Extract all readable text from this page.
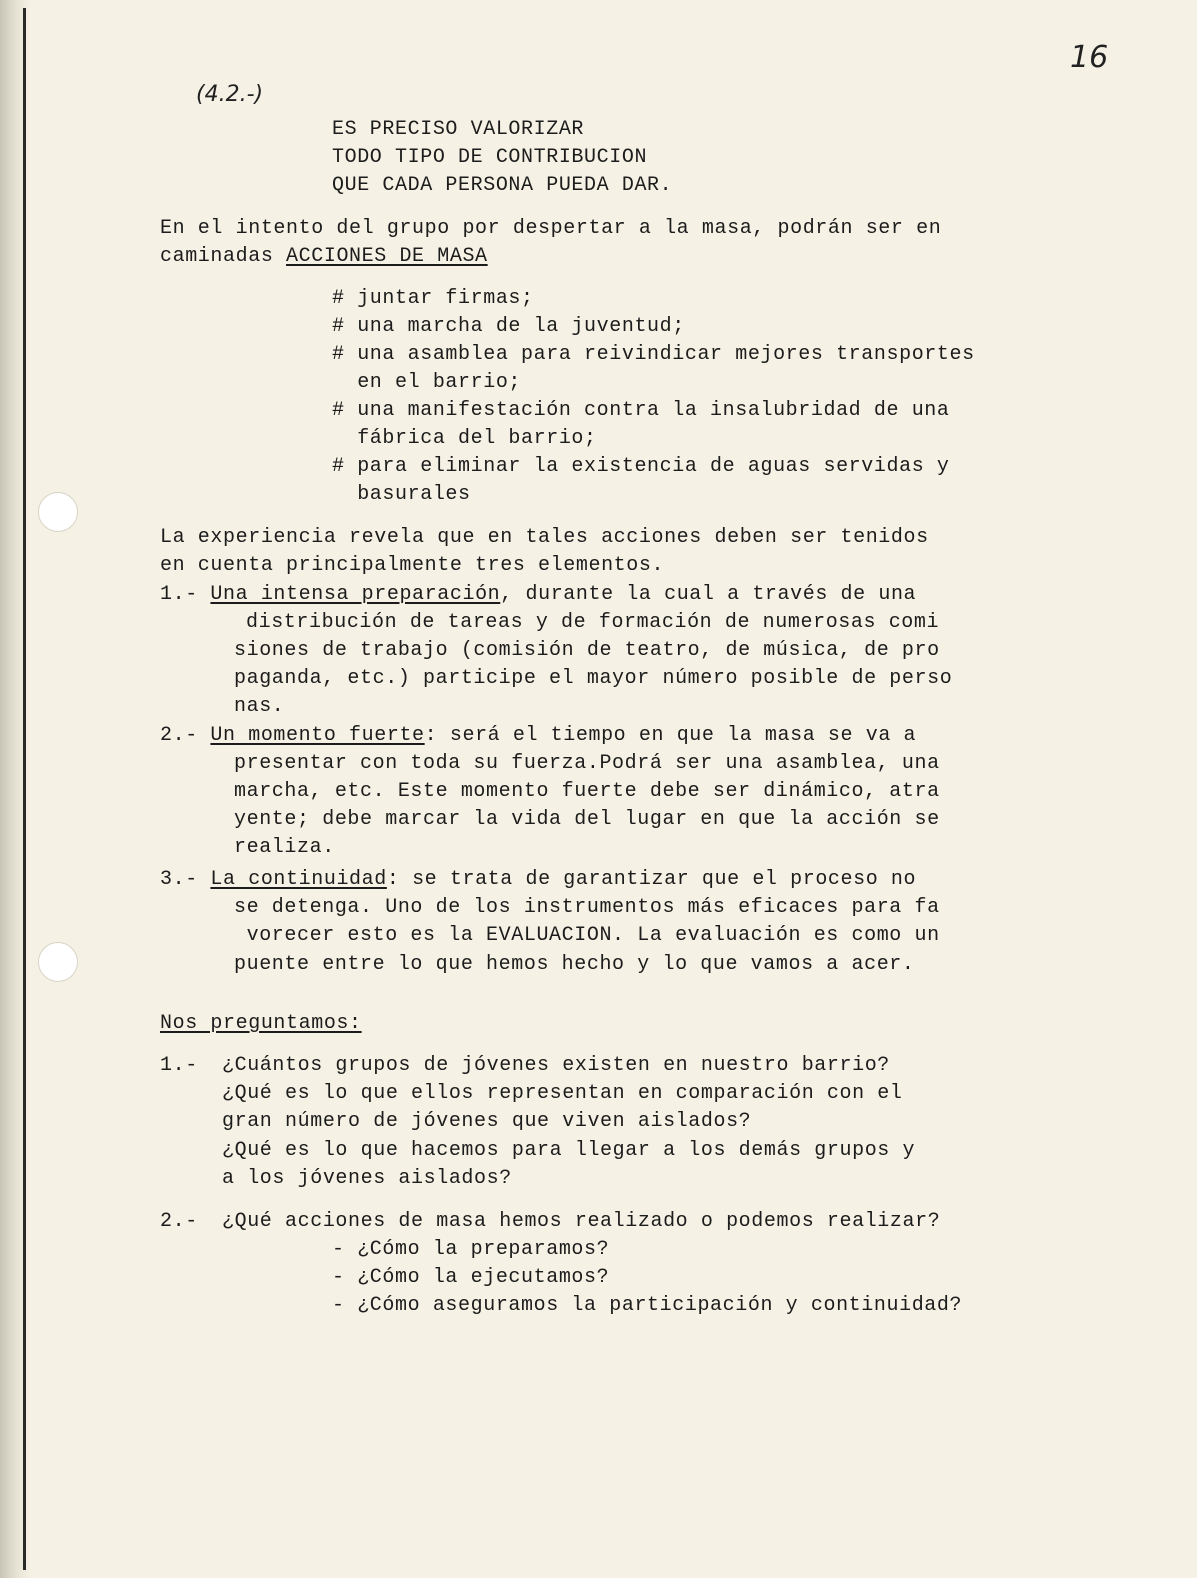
16
(4.2.-)
ES PRECISO VALORIZAR
TODO TIPO DE CONTRIBUCION
QUE CADA PERSONA PUEDA DAR.
En el intento del grupo por despertar a la masa, podrán ser en
caminadas ACCIONES DE MASA
# juntar firmas;
# una marcha de la juventud;
# una asamblea para reivindicar mejores transportes
en el barrio;
# una manifestación contra la insalubridad de una
fábrica del barrio;
# para eliminar la existencia de aguas servidas y
basurales
La experiencia revela que en tales acciones deben ser tenidos
en cuenta principalmente tres elementos.
1.- Una intensa preparación, durante la cual a través de una
distribución de tareas y de formación de numerosas comi
siones de trabajo (comisión de teatro, de música, de pro
paganda, etc.) participe el mayor número posible de perso
nas.
2.- Un momento fuerte: será el tiempo en que la masa se va a
presentar con toda su fuerza.Podrá ser una asamblea, una
marcha, etc. Este momento fuerte debe ser dinámico, atra
yente; debe marcar la vida del lugar en que la acción se
realiza.
3.- La continuidad: se trata de garantizar que el proceso no
se detenga. Uno de los instrumentos más eficaces para fa
vorecer esto es la EVALUACION. La evaluación es como un
puente entre lo que hemos hecho y lo que vamos a acer.
Nos preguntamos:
1.- ¿Cuántos grupos de jóvenes existen en nuestro barrio?
¿Qué es lo que ellos representan en comparación con el
gran número de jóvenes que viven aislados?
¿Qué es lo que hacemos para llegar a los demás grupos y
a los jóvenes aislados?
2.- ¿Qué acciones de masa hemos realizado o podemos realizar?
- ¿Cómo la preparamos?
- ¿Cómo la ejecutamos?
- ¿Cómo aseguramos la participación y continuidad?
